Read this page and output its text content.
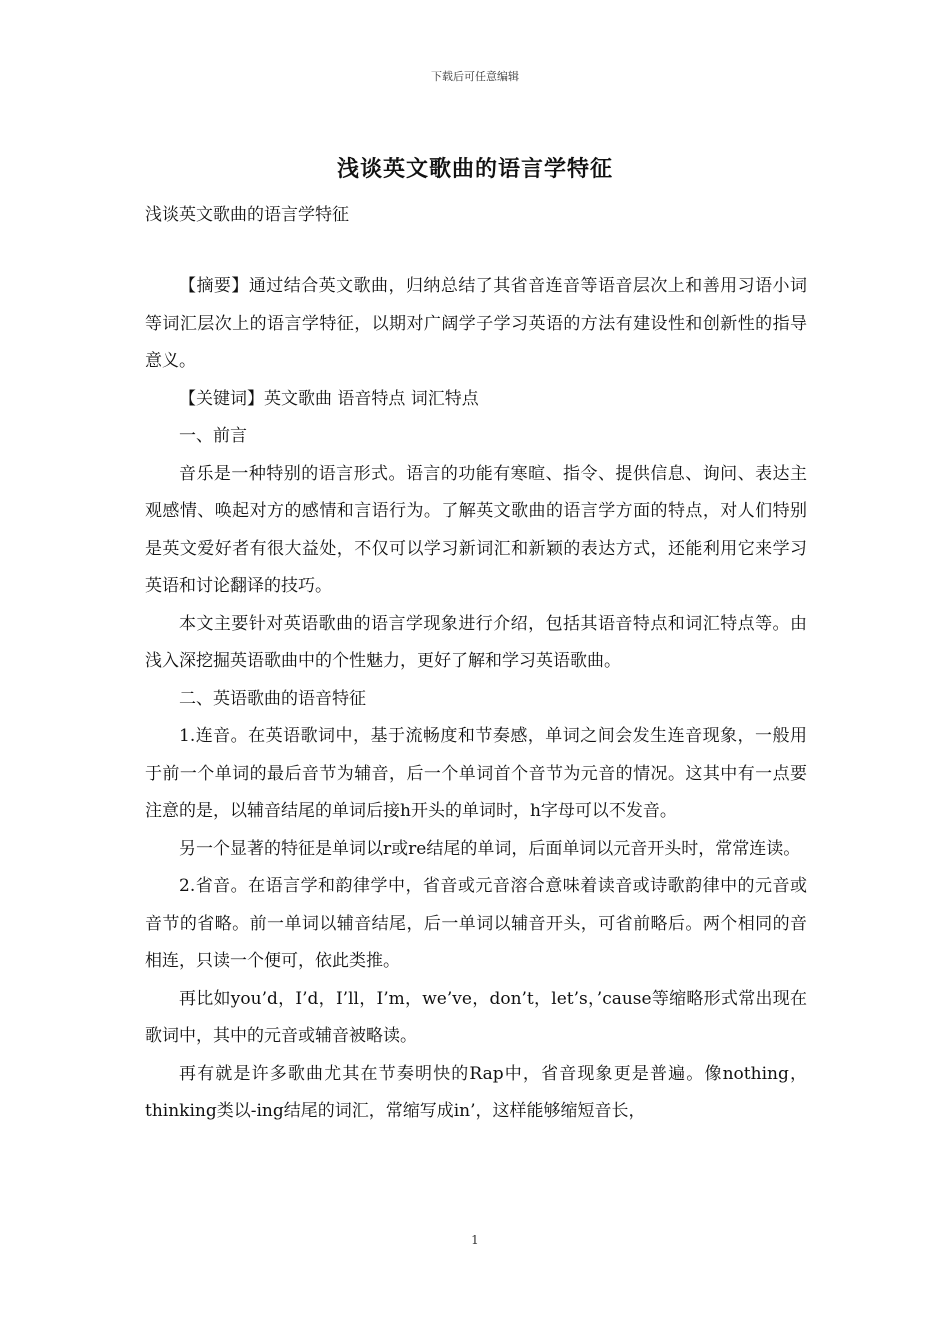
下载后可任意编辑
浅谈英文歌曲的语言学特征
浅谈英文歌曲的语言学特征

【摘要】通过结合英文歌曲，归纳总结了其省音连音等语音层次上和善用习语小词等词汇层次上的语言学特征，以期对广阔学子学习英语的方法有建设性和创新性的指导意义。

【关键词】英文歌曲 语音特点 词汇特点

一、前言

音乐是一种特别的语言形式。语言的功能有寒暄、指令、提供信息、询问、表达主观感情、唤起对方的感情和言语行为。了解英文歌曲的语言学方面的特点，对人们特别是英文爱好者有很大益处，不仅可以学习新词汇和新颖的表达方式，还能利用它来学习英语和讨论翻译的技巧。

本文主要针对英语歌曲的语言学现象进行介绍，包括其语音特点和词汇特点等。由浅入深挖掘英语歌曲中的个性魅力，更好了解和学习英语歌曲。

二、英语歌曲的语音特征

1.连音。在英语歌词中，基于流畅度和节奏感，单词之间会发生连音现象，一般用于前一个单词的最后音节为辅音，后一个单词首个音节为元音的情况。这其中有一点要注意的是，以辅音结尾的单词后接h开头的单词时，h字母可以不发音。

另一个显著的特征是单词以r或re结尾的单词，后面单词以元音开头时，常常连读。

2.省音。在语言学和韵律学中，省音或元音溶合意味着读音或诗歌韵律中的元音或音节的省略。前一单词以辅音结尾，后一单词以辅音开头，可省前略后。两个相同的音相连，只读一个便可，依此类推。

再比如you’d，I’d，I’ll，I’m，we’ve，don’t，let’s，’cause等缩略形式常出现在歌词中，其中的元音或辅音被略读。

再有就是许多歌曲尤其在节奏明快的Rap中，省音现象更是普遍。像nothing，thinking类以-ing结尾的词汇，常缩写成in’，这样能够缩短音长，

1
